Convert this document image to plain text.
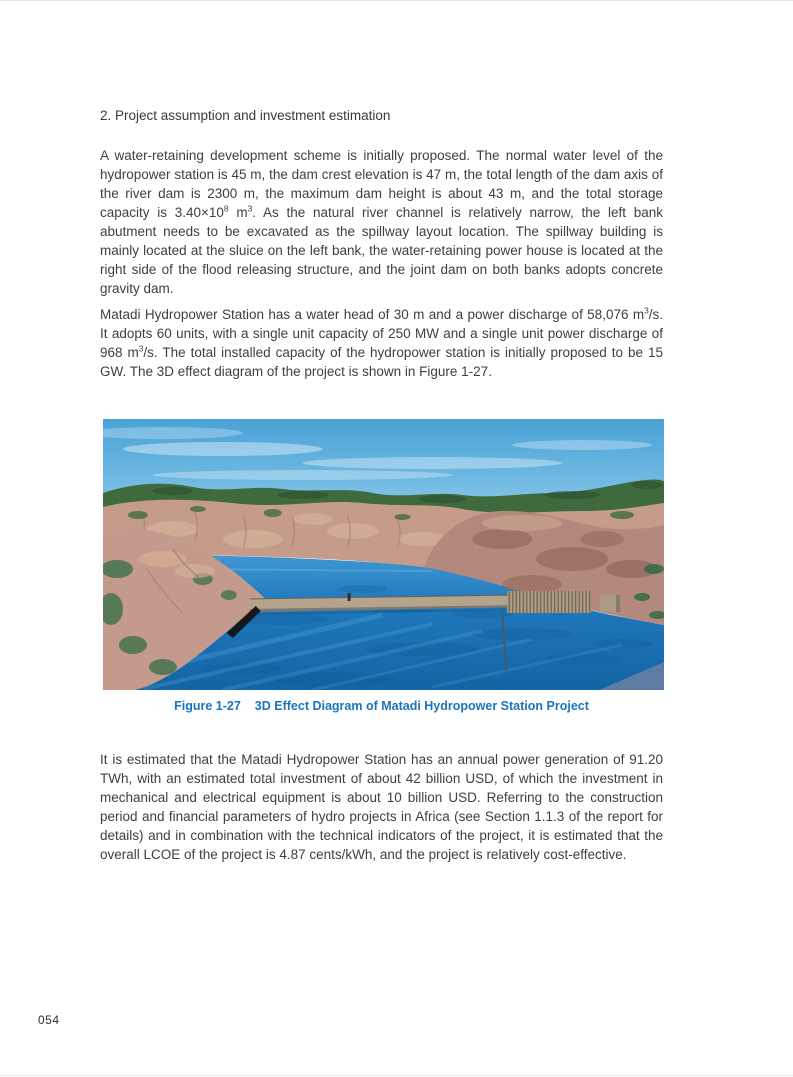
2. Project assumption and investment estimation

A water-retaining development scheme is initially proposed. The normal water level of the hydropower station is 45 m, the dam crest elevation is 47 m, the total length of the dam axis of the river dam is 2300 m, the maximum dam height is about 43 m, and the total storage capacity is $3.40\times 10^8$ $m^3$. As the natural river channel is relatively narrow, the left bank abutment needs to be excavated as the spillway layout location. The spillway building is mainly located at the sluice on the left bank, the water-retaining power house is located at the right side of the flood releasing structure, and the joint dam on both banks adopts concrete gravity dam.

Matadi Hydropower Station has a water head of 30 m and a power discharge of 58,076 $m^3/s$. It adopts 60 units, with a single unit capacity of 250 MW and a single unit power discharge of 968 $m^3/s$. The total installed capacity of the hydropower station is initially proposed to be 15 GW. The 3D effect diagram of the project is shown in Figure 1-27.

Figure 1-27 3D Effect Diagram of Matadi Hydropower Station Project

It is estimated that the Matadi Hydropower Station has an annual power generation of 91.20 TWh, with an estimated total investment of about 42 billion USD, of which the investment in mechanical and electrical equipment is about 10 billion USD. Referring to the construction period and financial parameters of hydro projects in Africa (see Section 1.1.3 of the report for details) and in combination with the technical indicators of the project, it is estimated that the overall LCOE of the project is 4.87 cents/kWh, and the project is relatively cost-effective.

054
